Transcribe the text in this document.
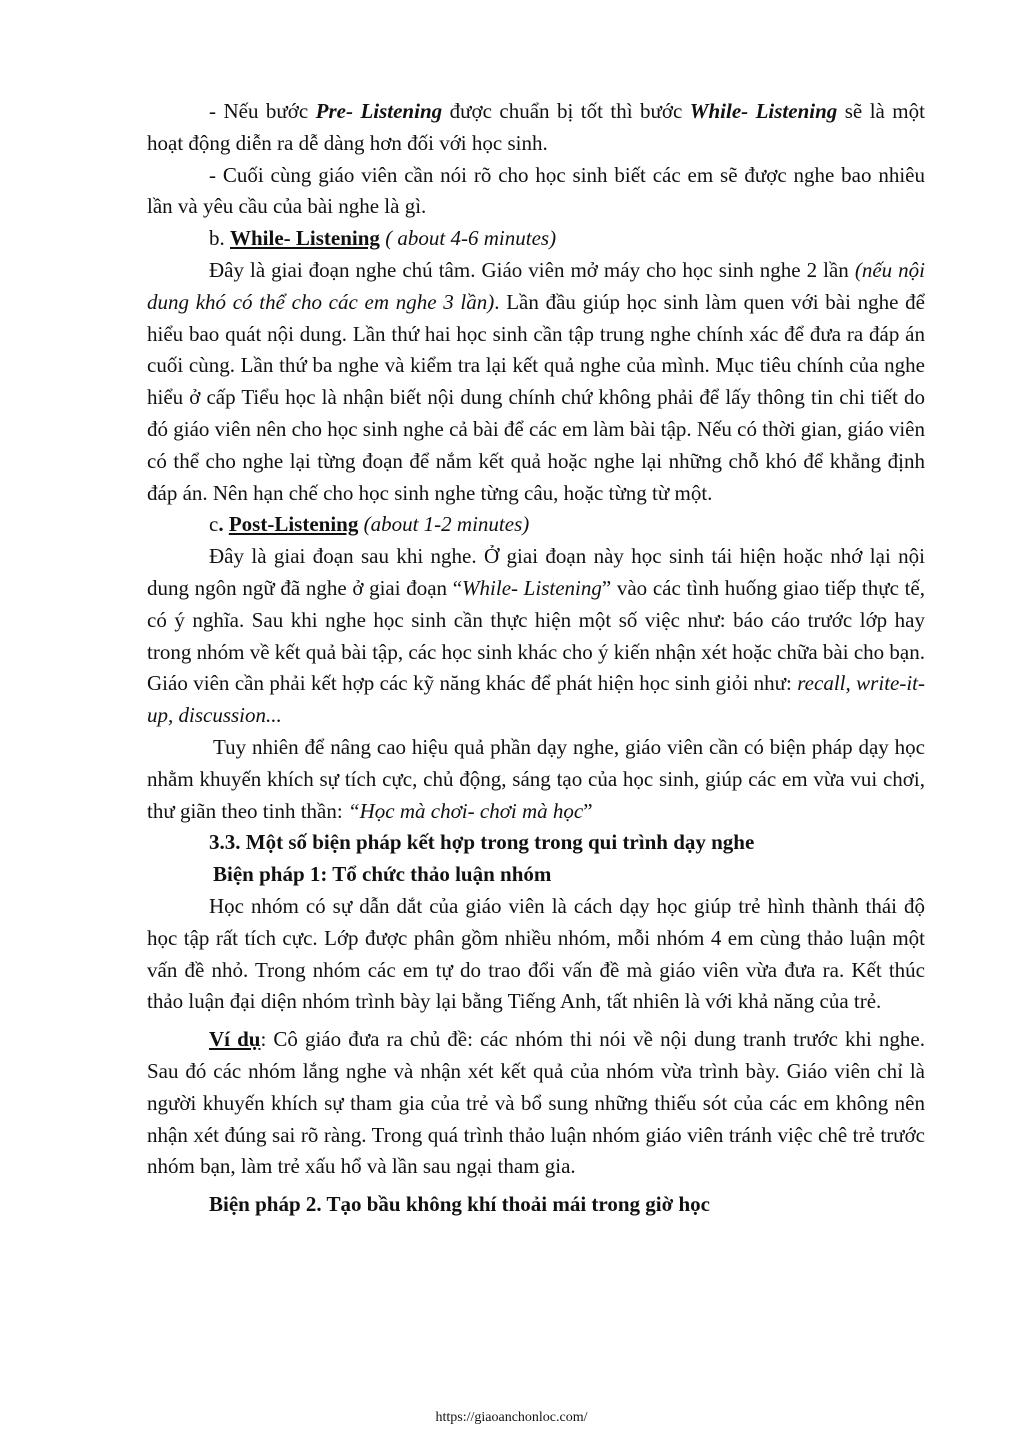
- Nếu bước Pre- Listening được chuẩn bị tốt thì bước While- Listening sẽ là một hoạt động diễn ra dễ dàng hơn đối với học sinh.

- Cuối cùng giáo viên cần nói rõ cho học sinh biết các em sẽ được nghe bao nhiêu lần và yêu cầu của bài nghe là gì.

b. While- Listening ( about 4-6 minutes)

Đây là giai đoạn nghe chú tâm. Giáo viên mở máy cho học sinh nghe 2 lần (nếu nội dung khó có thể cho các em nghe 3 lần). Lần đầu giúp học sinh làm quen với bài nghe để hiểu bao quát nội dung. Lần thứ hai học sinh cần tập trung nghe chính xác để đưa ra đáp án cuối cùng. Lần thứ ba nghe và kiểm tra lại kết quả nghe của mình. Mục tiêu chính của nghe hiểu ở cấp Tiểu học là nhận biết nội dung chính chứ không phải để lấy thông tin chi tiết do đó giáo viên nên cho học sinh nghe cả bài để các em làm bài tập. Nếu có thời gian, giáo viên có thể cho nghe lại từng đoạn để nắm kết quả hoặc nghe lại những chỗ khó để khẳng định đáp án. Nên hạn chế cho học sinh nghe từng câu, hoặc từng từ một.

c. Post-Listening (about 1-2 minutes)

Đây là giai đoạn sau khi nghe. Ở giai đoạn này học sinh tái hiện hoặc nhớ lại nội dung ngôn ngữ đã nghe ở giai đoạn “While- Listening” vào các tình huống giao tiếp thực tế, có ý nghĩa. Sau khi nghe học sinh cần thực hiện một số việc như: báo cáo trước lớp hay trong nhóm về kết quả bài tập, các học sinh khác cho ý kiến nhận xét hoặc chữa bài cho bạn. Giáo viên cần phải kết hợp các kỹ năng khác để phát hiện học sinh giỏi như: recall, write-it-up, discussion...

Tuy nhiên để nâng cao hiệu quả phần dạy nghe, giáo viên cần có biện pháp dạy học nhằm khuyến khích sự tích cực, chủ động, sáng tạo của học sinh, giúp các em vừa vui chơi, thư giãn theo tinh thần: “Học mà chơi- chơi mà học”

3.3. Một số biện pháp kết hợp trong trong qui trình dạy nghe

Biện pháp 1: Tổ chức thảo luận nhóm

Học nhóm có sự dẫn dắt của giáo viên là cách dạy học giúp trẻ hình thành thái độ học tập rất tích cực. Lớp được phân gồm nhiều nhóm, mỗi nhóm 4 em cùng thảo luận một vấn đề nhỏ. Trong nhóm các em tự do trao đổi vấn đề mà giáo viên vừa đưa ra. Kết thúc thảo luận đại diện nhóm trình bày lại bằng Tiếng Anh, tất nhiên là với khả năng của trẻ.

Ví dụ: Cô giáo đưa ra chủ đề: các nhóm thi nói về nội dung tranh trước khi nghe. Sau đó các nhóm lắng nghe và nhận xét kết quả của nhóm vừa trình bày. Giáo viên chỉ là người khuyến khích sự tham gia của trẻ và bổ sung những thiếu sót của các em không nên nhận xét đúng sai rõ ràng. Trong quá trình thảo luận nhóm giáo viên tránh việc chê trẻ trước nhóm bạn, làm trẻ xấu hổ và lần sau ngại tham gia.

Biện pháp 2. Tạo bầu không khí thoải mái trong giờ học

https://giaoanchonloc.com/
